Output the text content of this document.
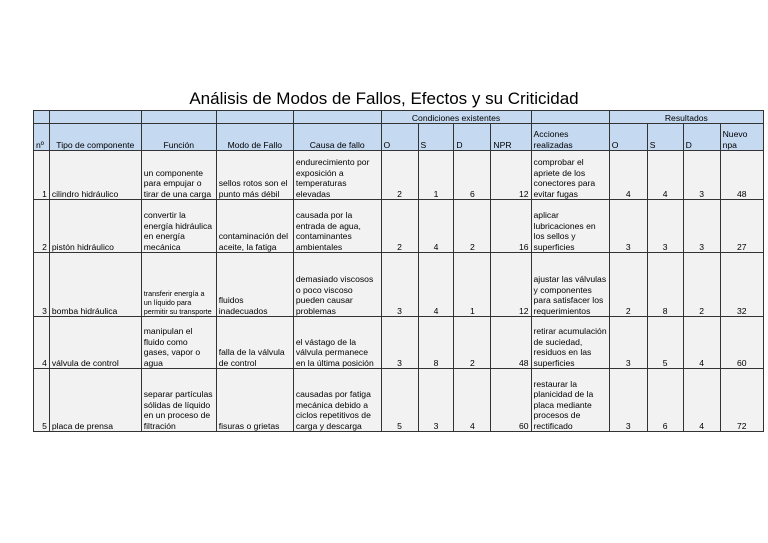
Análisis de Modos de Fallos, Efectos y su Criticidad
					Condiciones existentes					Resultados			
nº	Tipo de componente	Función	Modo de Fallo	Causa de fallo	O	S	D	NPR	Acciones realizadas	O	S	D	Nuevo npa
1	cilindro hidráulico	un componente para empujar o tirar de una carga	sellos rotos son el punto más débil	endurecimiento por exposición a temperaturas elevadas	2	1	6	12	comprobar el apriete de los conectores para evitar fugas	4	4	3	48
2	pistón hidráulico	convertir la energía hidráulica en energía mecánica	contaminación del aceite, la fatiga	causada por la entrada de agua, contaminantes ambientales	2	4	2	16	aplicar lubricaciones en los sellos y superficies	3	3	3	27
3	bomba hidráulica	transferir energía a un líquido para permitir su transporte	fluidos inadecuados	demasiado viscosos o poco viscoso pueden causar problemas	3	4	1	12	ajustar las válvulas y componentes para satisfacer los requerimientos	2	8	2	32
4	válvula de control	manipulan el fluido como gases, vapor o agua	falla de la válvula de control	el vástago de la válvula permanece en la última posición	3	8	2	48	retirar acumulación de suciedad, residuos en las superficies	3	5	4	60
5	placa de prensa	separar partículas sólidas de líquido en un proceso de filtración	fisuras o grietas	causadas por fatiga mecánica debido a ciclos repetitivos de carga y descarga	5	3	4	60	restaurar la planicidad de la placa mediante procesos de rectificado	3	6	4	72
